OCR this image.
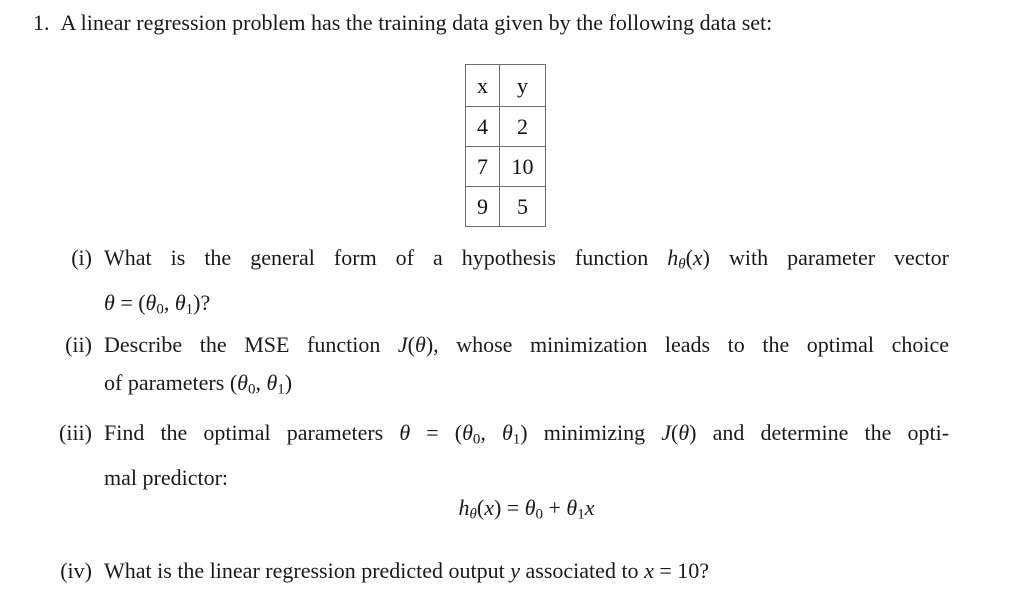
1. A linear regression problem has the training data given by the following data set:
x	y
4	2
7	10
9	5
(i) What is the general form of a hypothesis function hθ(x) with parameter vector
θ = (θ0, θ1)?
(ii) Describe the MSE function J(θ), whose minimization leads to the optimal choice
of parameters (θ0, θ1)
(iii) Find the optimal parameters θ = (θ0, θ1) minimizing J(θ) and determine the opti-
mal predictor:
hθ(x) = θ0 + θ1x
(iv) What is the linear regression predicted output y associated to x = 10?
